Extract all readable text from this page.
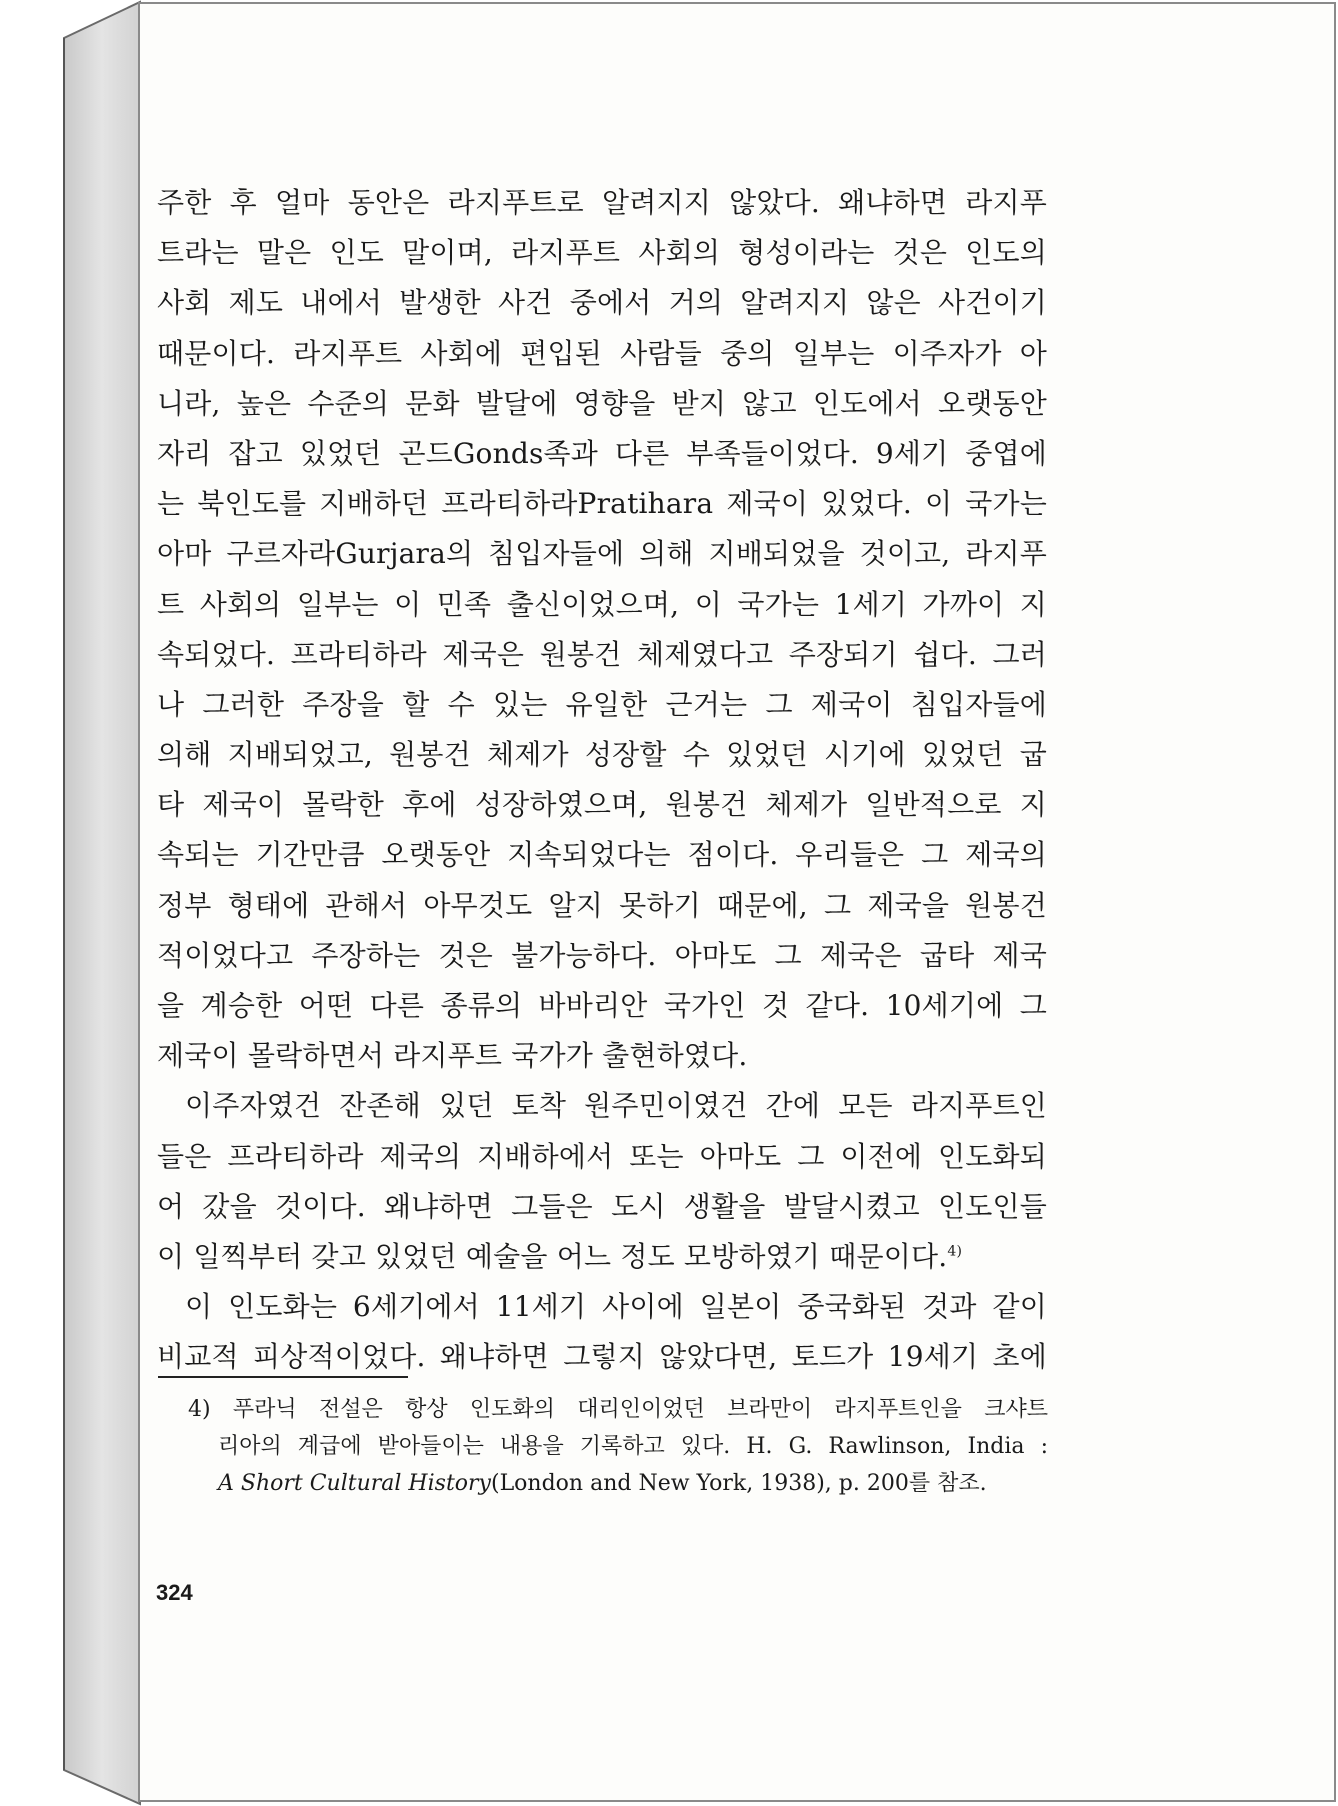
주한 후 얼마 동안은 라지푸트로 알려지지 않았다. 왜냐하면 라지푸
트라는 말은 인도 말이며, 라지푸트 사회의 형성이라는 것은 인도의
사회 제도 내에서 발생한 사건 중에서 거의 알려지지 않은 사건이기
때문이다. 라지푸트 사회에 편입된 사람들 중의 일부는 이주자가 아
니라, 높은 수준의 문화 발달에 영향을 받지 않고 인도에서 오랫동안
자리 잡고 있었던 곤드Gonds족과 다른 부족들이었다. 9세기 중엽에
는 북인도를 지배하던 프라티하라Pratihara 제국이 있었다. 이 국가는
아마 구르자라Gurjara의 침입자들에 의해 지배되었을 것이고, 라지푸
트 사회의 일부는 이 민족 출신이었으며, 이 국가는 1세기 가까이 지
속되었다. 프라티하라 제국은 원봉건 체제였다고 주장되기 쉽다. 그러
나 그러한 주장을 할 수 있는 유일한 근거는 그 제국이 침입자들에
의해 지배되었고, 원봉건 체제가 성장할 수 있었던 시기에 있었던 굽
타 제국이 몰락한 후에 성장하였으며, 원봉건 체제가 일반적으로 지
속되는 기간만큼 오랫동안 지속되었다는 점이다. 우리들은 그 제국의
정부 형태에 관해서 아무것도 알지 못하기 때문에, 그 제국을 원봉건
적이었다고 주장하는 것은 불가능하다. 아마도 그 제국은 굽타 제국
을 계승한 어떤 다른 종류의 바바리안 국가인 것 같다. 10세기에 그
제국이 몰락하면서 라지푸트 국가가 출현하였다.
이주자였건 잔존해 있던 토착 원주민이였건 간에 모든 라지푸트인
들은 프라티하라 제국의 지배하에서 또는 아마도 그 이전에 인도화되
어 갔을 것이다. 왜냐하면 그들은 도시 생활을 발달시켰고 인도인들
이 일찍부터 갖고 있었던 예술을 어느 정도 모방하였기 때문이다.$^{4)}$
이 인도화는 6세기에서 11세기 사이에 일본이 중국화된 것과 같이
비교적 피상적이었다. 왜냐하면 그렇지 않았다면, 토드가 19세기 초에
4) 푸라닉 전설은 항상 인도화의 대리인이었던 브라만이 라지푸트인을 크샤트
리아의 계급에 받아들이는 내용을 기록하고 있다. H. G. Rawlinson, India :
A Short Cultural History(London and New York, 1938), p. 200를 참조.
324
